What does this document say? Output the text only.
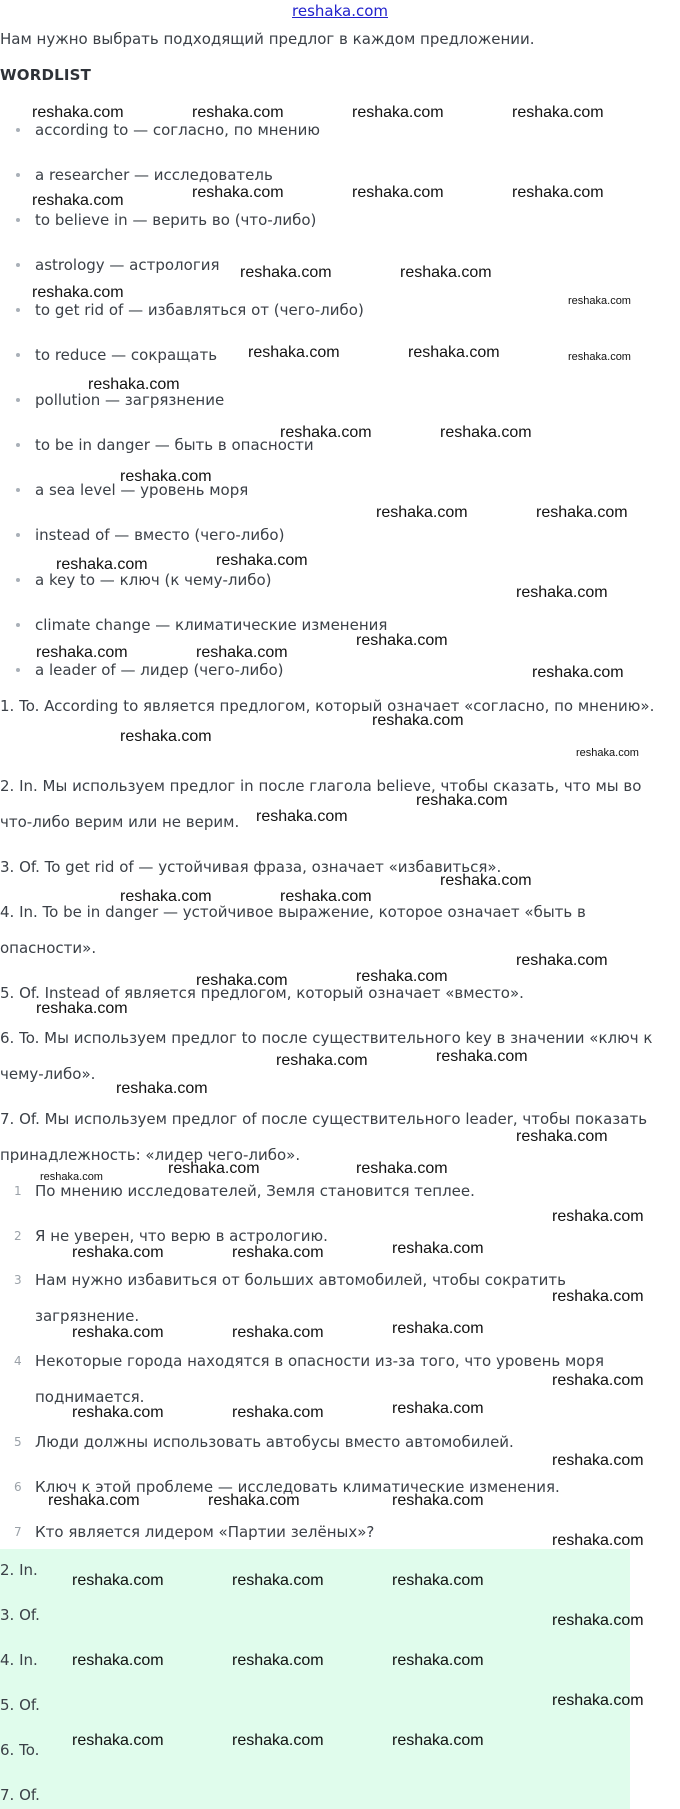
reshaka.com
Нам нужно выбрать подходящий предлог в каждом предложении.
WORDLIST
according to — согласно, по мнению
a researcher — исследователь
to believe in — верить во (что-либо)
astrology — астрология
to get rid of — избавляться от (чего-либо)
to reduce — сокращать
pollution — загрязнение
to be in danger — быть в опасности
a sea level — уровень моря
instead of — вместо (чего-либо)
a key to — ключ (к чему-либо)
climate change — климатические изменения
a leader of — лидер (чего-либо)
1. To. According to является предлогом, который означает «согласно, по мнению».
2. In. Мы используем предлог in после глагола believe, чтобы сказать, что мы во что-либо верим или не верим.
3. Of. To get rid of — устойчивая фраза, означает «избавиться».
4. In. To be in danger — устойчивое выражение, которое означает «быть в опасности».
5. Of. Instead of является предлогом, который означает «вместо».
6. To. Мы используем предлог to после существительного key в значении «ключ к чему-либо».
7. Of. Мы используем предлог of после существительного leader, чтобы показать принадлежность: «лидер чего-либо».
1 По мнению исследователей, Земля становится теплее.
2 Я не уверен, что верю в астрологию.
3 Нам нужно избавиться от больших автомобилей, чтобы сократить загрязнение.
4 Некоторые города находятся в опасности из-за того, что уровень моря поднимается.
5 Люди должны использовать автобусы вместо автомобилей.
6 Ключ к этой проблеме — исследовать климатические изменения.
7 Кто является лидером «Партии зелёных»?
2. In.
3. Of.
4. In.
5. Of.
6. To.
7. Of.
reshaka.com	reshaka.com	reshaka.com	reshaka.com
reshaka.com	reshaka.com	reshaka.com
reshaka.com
reshaka.com	reshaka.com
reshaka.com	reshaka.com
reshaka.com	reshaka.com	reshaka.com
reshaka.com
reshaka.com	reshaka.com
reshaka.com
reshaka.com	reshaka.com
reshaka.com
reshaka.com
reshaka.com
reshaka.com
reshaka.com	reshaka.com
reshaka.com
reshaka.com
reshaka.com
reshaka.com
reshaka.com
reshaka.com
reshaka.com
reshaka.com	reshaka.com
reshaka.com
reshaka.com
reshaka.com
reshaka.com
reshaka.com
reshaka.com
reshaka.com
reshaka.com
reshaka.com	reshaka.com
reshaka.com
reshaka.com
reshaka.com	reshaka.com	reshaka.com
reshaka.com
reshaka.com	reshaka.com	reshaka.com
reshaka.com
reshaka.com	reshaka.com	reshaka.com
reshaka.com
reshaka.com	reshaka.com	reshaka.com
reshaka.com
reshaka.com	reshaka.com	reshaka.com
reshaka.com
reshaka.com	reshaka.com	reshaka.com
reshaka.com
reshaka.com	reshaka.com	reshaka.com
